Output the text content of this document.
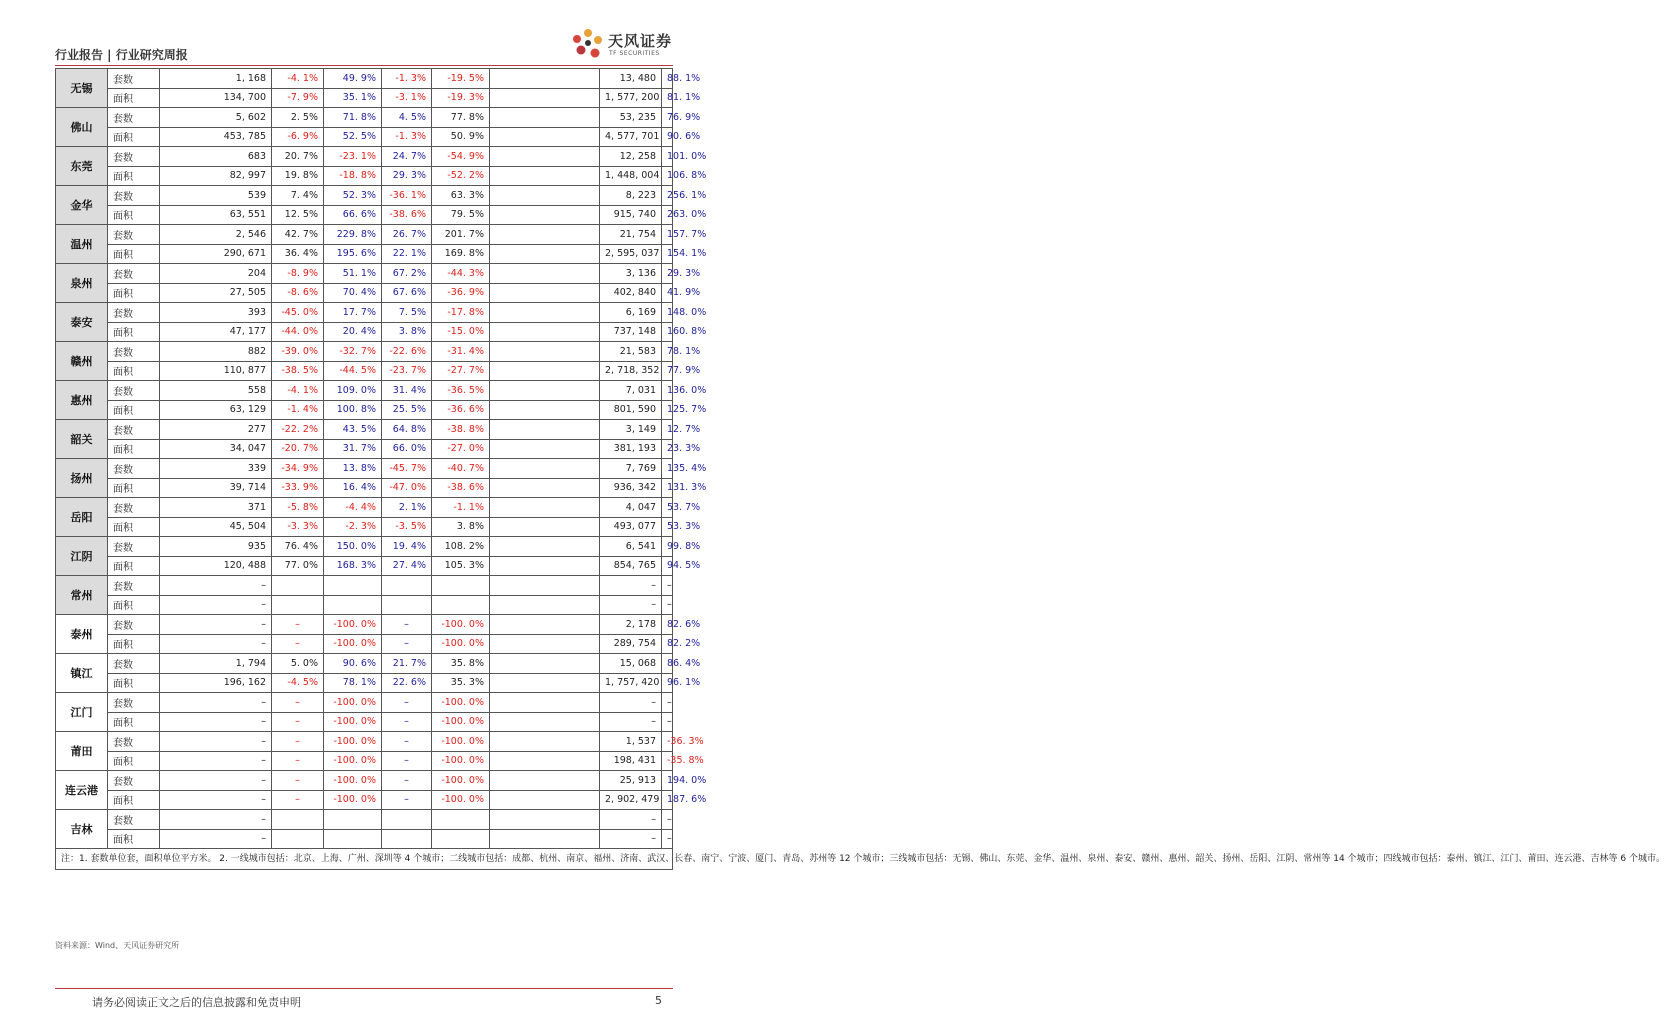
行业报告 | 行业研究周报
天风证券
TF SECURITIES
无锡	套数	1, 168	-4. 1%	49. 9%	-1. 3%	-19. 5%		13, 480	88. 1%
	面积	134, 700	-7. 9%	35. 1%	-3. 1%	-19. 3%		1, 577, 200	81. 1%
佛山	套数	5, 602	2. 5%	71. 8%	4. 5%	77. 8%		53, 235	76. 9%
	面积	453, 785	-6. 9%	52. 5%	-1. 3%	50. 9%		4, 577, 701	90. 6%
东莞	套数	683	20. 7%	-23. 1%	24. 7%	-54. 9%		12, 258	101. 0%
	面积	82, 997	19. 8%	-18. 8%	29. 3%	-52. 2%		1, 448, 004	106. 8%
金华	套数	539	7. 4%	52. 3%	-36. 1%	63. 3%		8, 223	256. 1%
	面积	63, 551	12. 5%	66. 6%	-38. 6%	79. 5%		915, 740	263. 0%
温州	套数	2, 546	42. 7%	229. 8%	26. 7%	201. 7%		21, 754	157. 7%
	面积	290, 671	36. 4%	195. 6%	22. 1%	169. 8%		2, 595, 037	154. 1%
泉州	套数	204	-8. 9%	51. 1%	67. 2%	-44. 3%		3, 136	29. 3%
	面积	27, 505	-8. 6%	70. 4%	67. 6%	-36. 9%		402, 840	41. 9%
泰安	套数	393	-45. 0%	17. 7%	7. 5%	-17. 8%		6, 169	148. 0%
	面积	47, 177	-44. 0%	20. 4%	3. 8%	-15. 0%		737, 148	160. 8%
赣州	套数	882	-39. 0%	-32. 7%	-22. 6%	-31. 4%		21, 583	78. 1%
	面积	110, 877	-38. 5%	-44. 5%	-23. 7%	-27. 7%		2, 718, 352	77. 9%
惠州	套数	558	-4. 1%	109. 0%	31. 4%	-36. 5%		7, 031	136. 0%
	面积	63, 129	-1. 4%	100. 8%	25. 5%	-36. 6%		801, 590	125. 7%
韶关	套数	277	-22. 2%	43. 5%	64. 8%	-38. 8%		3, 149	12. 7%
	面积	34, 047	-20. 7%	31. 7%	66. 0%	-27. 0%		381, 193	23. 3%
扬州	套数	339	-34. 9%	13. 8%	-45. 7%	-40. 7%		7, 769	135. 4%
	面积	39, 714	-33. 9%	16. 4%	-47. 0%	-38. 6%		936, 342	131. 3%
岳阳	套数	371	-5. 8%	-4. 4%	2. 1%	-1. 1%		4, 047	53. 7%
	面积	45, 504	-3. 3%	-2. 3%	-3. 5%	3. 8%		493, 077	53. 3%
江阴	套数	935	76. 4%	150. 0%	19. 4%	108. 2%		6, 541	99. 8%
	面积	120, 488	77. 0%	168. 3%	27. 4%	105. 3%		854, 765	94. 5%
常州	套数	–						–	–
	面积	–						–	–
泰州	套数	–	–	-100. 0%	–	-100. 0%		2, 178	82. 6%
	面积	–	–	-100. 0%	–	-100. 0%		289, 754	82. 2%
镇江	套数	1, 794	5. 0%	90. 6%	21. 7%	35. 8%		15, 068	86. 4%
	面积	196, 162	-4. 5%	78. 1%	22. 6%	35. 3%		1, 757, 420	96. 1%
江门	套数	–	–	-100. 0%	–	-100. 0%		–	–
	面积	–	–	-100. 0%	–	-100. 0%		–	–
莆田	套数	–	–	-100. 0%	–	-100. 0%		1, 537	-36. 3%
	面积	–	–	-100. 0%	–	-100. 0%		198, 431	-35. 8%
连云港	套数	–	–	-100. 0%	–	-100. 0%		25, 913	194. 0%
	面积	–	–	-100. 0%	–	-100. 0%		2, 902, 479	187. 6%
吉林	套数	–						–	–
	面积	–						–	–
注：1. 套数单位套，面积单位平方米。 2. 一线城市包括：北京、上海、广州、深圳等 4 个城市；二线城市包括：成都、杭州、南京、福州、济南、武汉、长春、南宁、宁波、厦门、青岛、苏州等 12 个城市；三线城市包括：无锡、佛山、东莞、金华、温州、泉州、泰安、赣州、惠州、韶关、扬州、岳阳、江阴、常州等 14 个城市；四线城市包括：泰州、镇江、江门、莆田、连云港、吉林等 6 个城市。									
资料来源：Wind、天风证券研究所
请务必阅读正文之后的信息披露和免责申明	5
